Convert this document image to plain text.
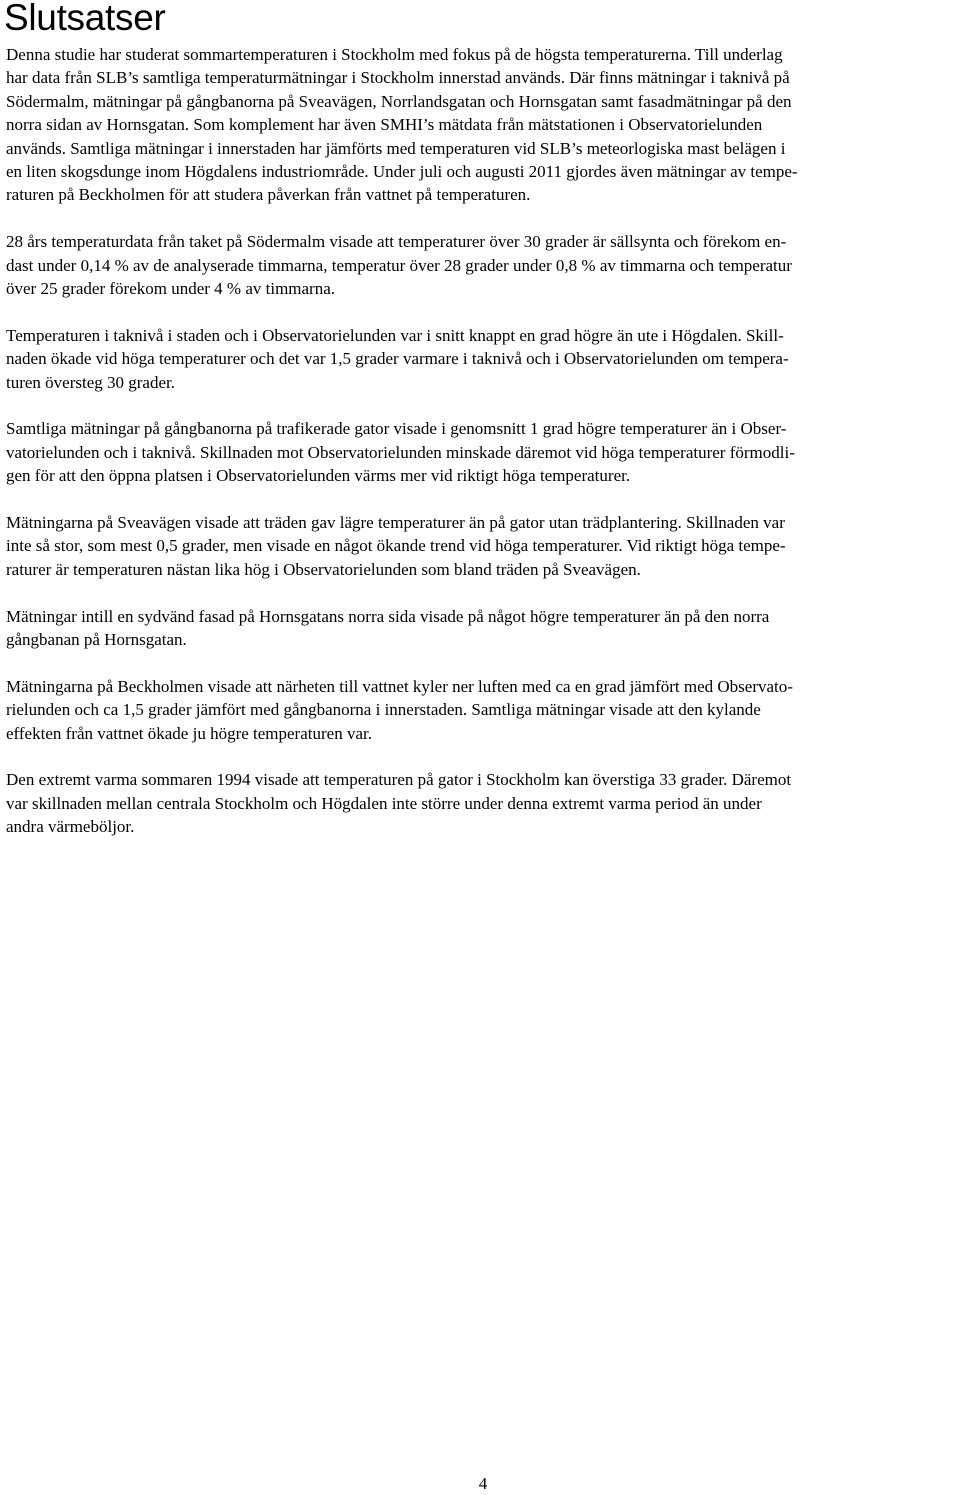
Slutsatser

Denna studie har studerat sommartemperaturen i Stockholm med fokus på de högsta temperaturerna. Till underlag
har data från SLB’s samtliga temperaturmätningar i Stockholm innerstad används. Där finns mätningar i taknivå på
Södermalm, mätningar på gångbanorna på Sveavägen, Norrlandsgatan och Hornsgatan samt fasadmätningar på den
norra sidan av Hornsgatan. Som komplement har även SMHI’s mätdata från mätstationen i Observatorielunden
används. Samtliga mätningar i innerstaden har jämförts med temperaturen vid SLB’s meteorlogiska mast belägen i
en liten skogsdunge inom Högdalens industriområde. Under juli och augusti 2011 gjordes även mätningar av tempe-
raturen på Beckholmen för att studera påverkan från vattnet på temperaturen.

28 års temperaturdata från taket på Södermalm visade att temperaturer över 30 grader är sällsynta och förekom en-
dast under 0,14 % av de analyserade timmarna, temperatur över 28 grader under 0,8 % av timmarna och temperatur
över 25 grader förekom under 4 % av timmarna.

Temperaturen i taknivå i staden och i Observatorielunden var i snitt knappt en grad högre än ute i Högdalen. Skill-
naden ökade vid höga temperaturer och det var 1,5 grader varmare i taknivå och i Observatorielunden om tempera-
turen översteg 30 grader.

Samtliga mätningar på gångbanorna på trafikerade gator visade i genomsnitt 1 grad högre temperaturer än i Obser-
vatorielunden och i taknivå. Skillnaden mot Observatorielunden minskade däremot vid höga temperaturer förmodli-
gen för att den öppna platsen i Observatorielunden värms mer vid riktigt höga temperaturer.

Mätningarna på Sveavägen visade att träden gav lägre temperaturer än på gator utan trädplantering. Skillnaden var
inte så stor, som mest 0,5 grader, men visade en något ökande trend vid höga temperaturer. Vid riktigt höga tempe-
raturer är temperaturen nästan lika hög i Observatorielunden som bland träden på Sveavägen.

Mätningar intill en sydvänd fasad på Hornsgatans norra sida visade på något högre temperaturer än på den norra
gångbanan på Hornsgatan.

Mätningarna på Beckholmen visade att närheten till vattnet kyler ner luften med ca en grad jämfört med Observato-
rielunden och ca 1,5 grader jämfört med gångbanorna i innerstaden. Samtliga mätningar visade att den kylande
effekten från vattnet ökade ju högre temperaturen var.

Den extremt varma sommaren 1994 visade att temperaturen på gator i Stockholm kan överstiga 33 grader. Däremot
var skillnaden mellan centrala Stockholm och Högdalen inte större under denna extremt varma period än under
andra värmeböljor.

4
